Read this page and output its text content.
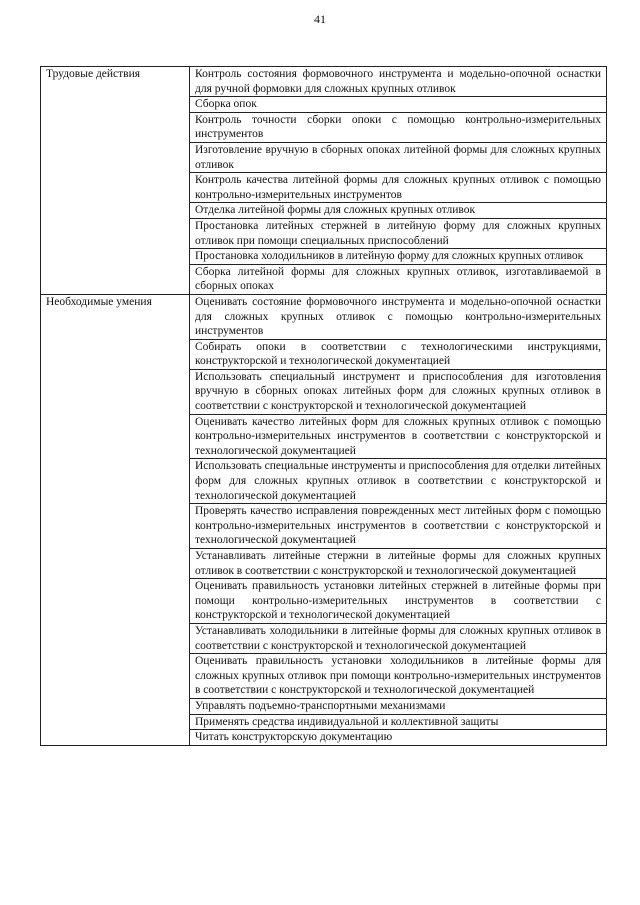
41
Трудовые действия	Контроль состояния формовочного инструмента и модельно-опочной оснастки для ручной формовки для сложных крупных отливок
	Сборка опок
	Контроль точности сборки опоки с помощью контрольно-измерительных инструментов
	Изготовление вручную в сборных опоках литейной формы для сложных крупных отливок
	Контроль качества литейной формы для сложных крупных отливок с помощью контрольно-измерительных инструментов
	Отделка литейной формы для сложных крупных отливок
	Простановка литейных стержней в литейную форму для сложных крупных отливок при помощи специальных приспособлений
	Простановка холодильников в литейную форму для сложных крупных отливок
	Сборка литейной формы для сложных крупных отливок, изготавливаемой в сборных опоках
Необходимые умения	Оценивать состояние формовочного инструмента и модельно-опочной оснастки для сложных крупных отливок с помощью контрольно-измерительных инструментов
	Собирать опоки в соответствии с технологическими инструкциями, конструкторской и технологической документацией
	Использовать специальный инструмент и приспособления для изготовления вручную в сборных опоках литейных форм для сложных крупных отливок в соответствии с конструкторской и технологической документацией
	Оценивать качество литейных форм для сложных крупных отливок с помощью контрольно-измерительных инструментов в соответствии с конструкторской и технологической документацией
	Использовать специальные инструменты и приспособления для отделки литейных форм для сложных крупных отливок в соответствии с конструкторской и технологической документацией
	Проверять качество исправления поврежденных мест литейных форм с помощью контрольно-измерительных инструментов в соответствии с конструкторской и технологической документацией
	Устанавливать литейные стержни в литейные формы для сложных крупных отливок в соответствии с конструкторской и технологической документацией
	Оценивать правильность установки литейных стержней в литейные формы при помощи контрольно-измерительных инструментов в соответствии с конструкторской и технологической документацией
	Устанавливать холодильники в литейные формы для сложных крупных отливок в соответствии с конструкторской и технологической документацией
	Оценивать правильность установки холодильников в литейные формы для сложных крупных отливок при помощи контрольно-измерительных инструментов в соответствии с конструкторской и технологической документацией
	Управлять подъемно-транспортными механизмами
	Применять средства индивидуальной и коллективной защиты
	Читать конструкторскую документацию
